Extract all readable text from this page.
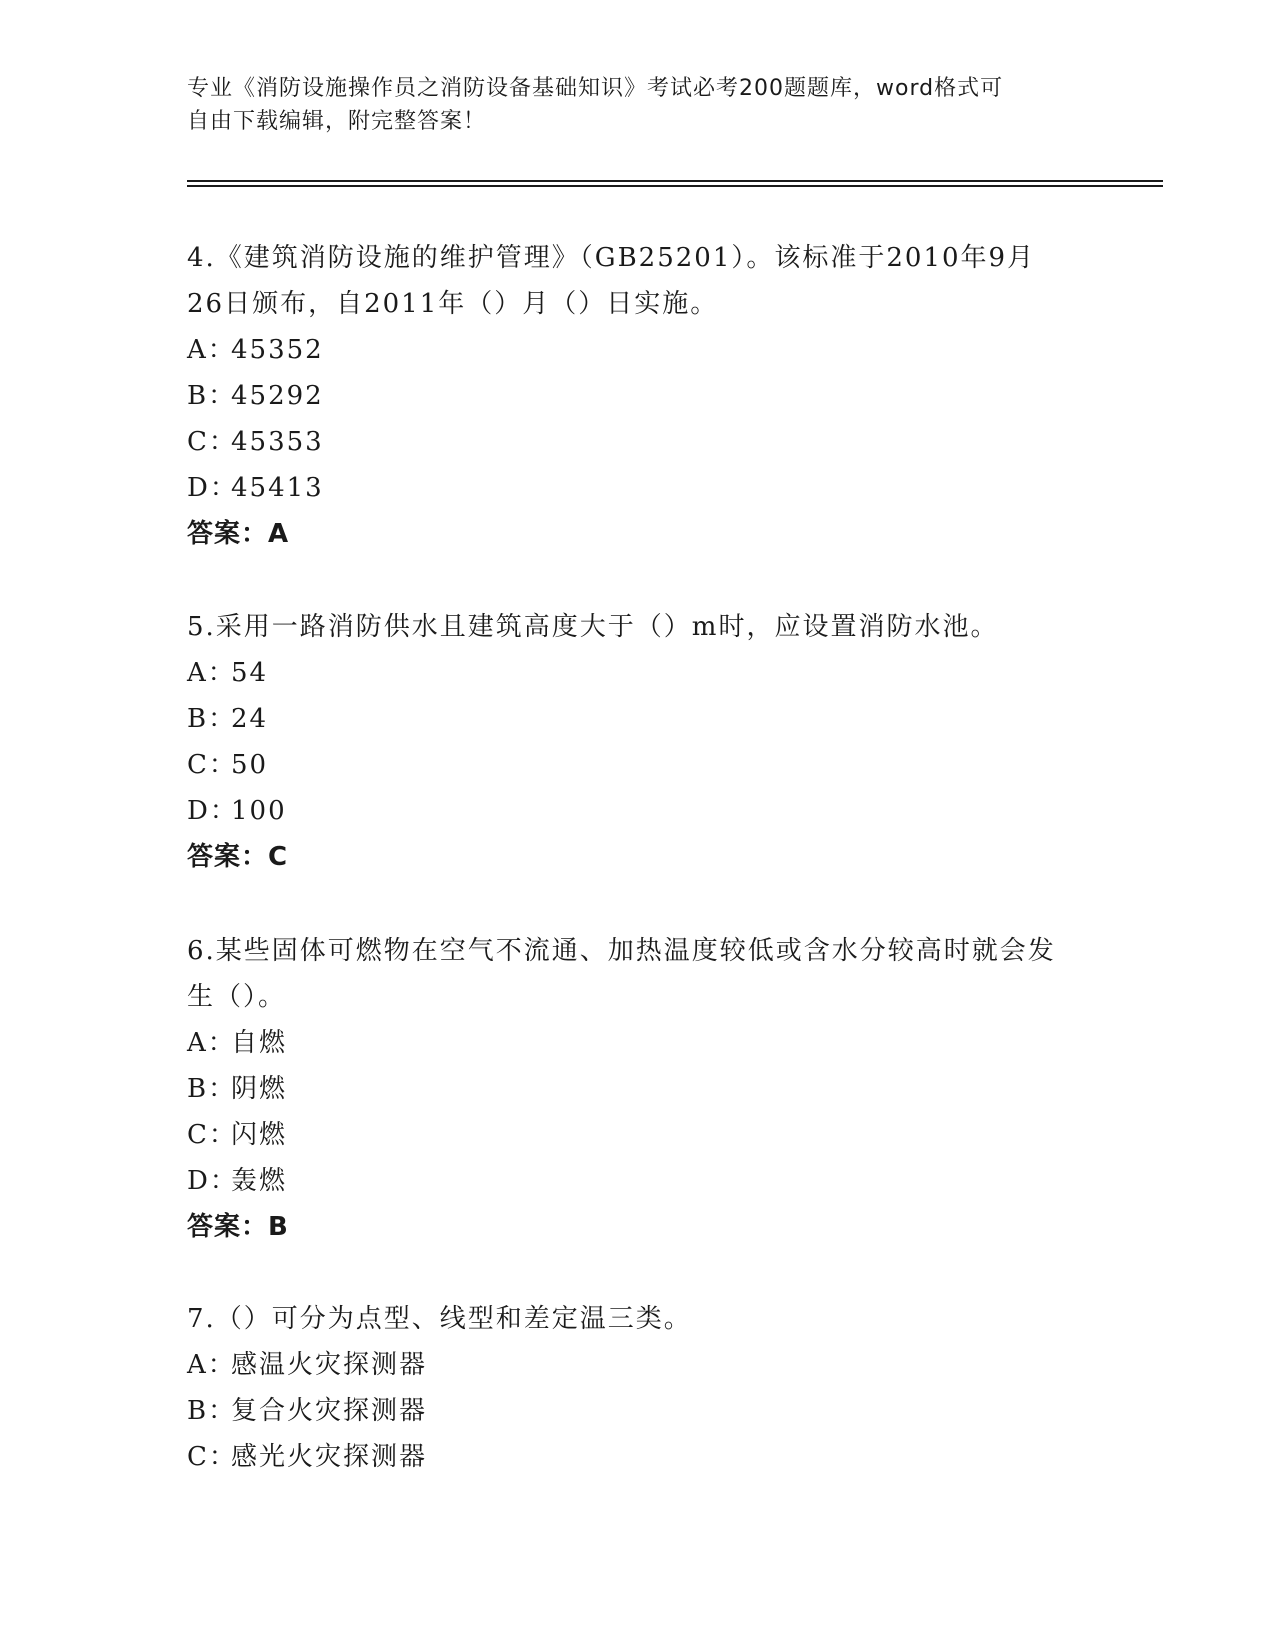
专业《消防设施操作员之消防设备基础知识》考试必考200题题库，word格式可
自由下载编辑，附完整答案！

4.《建筑消防设施的维护管理》（GB25201）。该标准于2010年9月26日颁布，自2011年（）月（）日实施。

A：45352

B：45292

C：45353

D：45413

答案：A

5.采用一路消防供水且建筑高度大于（）m时，应设置消防水池。

A：54

B：24

C：50

D：100

答案：C

6.某些固体可燃物在空气不流通、加热温度较低或含水分较高时就会发生（）。

A：自燃

B：阴燃

C：闪燃

D：轰燃

答案：B

7.（）可分为点型、线型和差定温三类。

A：感温火灾探测器

B：复合火灾探测器

C：感光火灾探测器
